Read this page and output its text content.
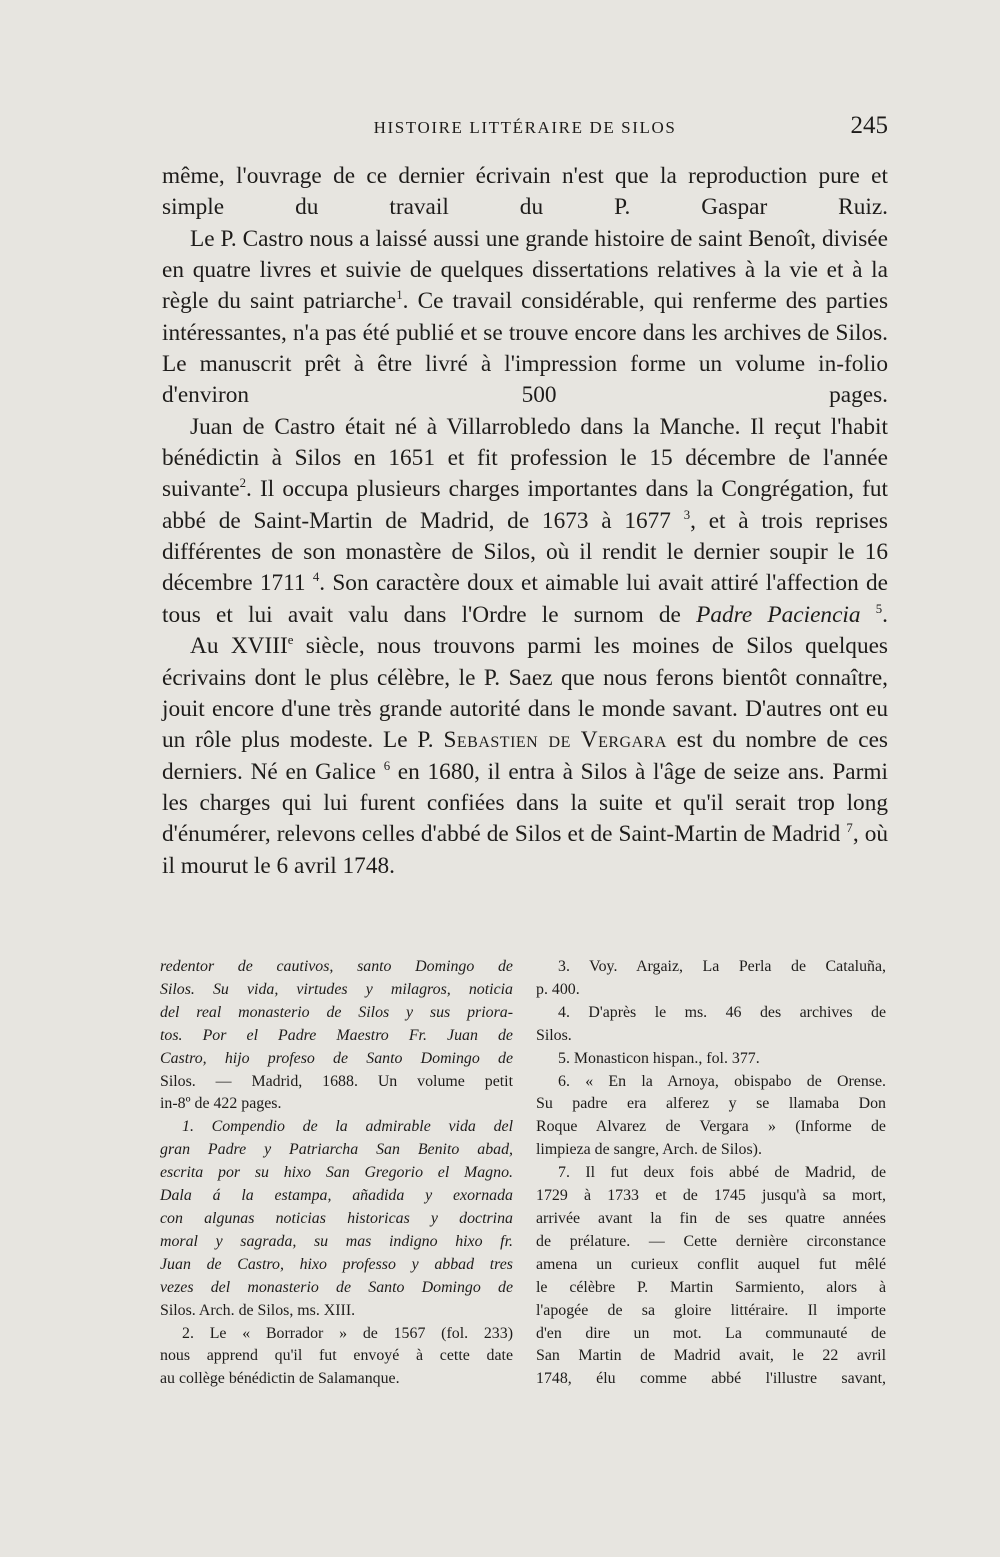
HISTOIRE LITTÉRAIRE DE SILOS	245

même, l'ouvrage de ce dernier écrivain n'est que la reproduction pure et simple du travail du P. Gaspar Ruiz.

Le P. Castro nous a laissé aussi une grande histoire de saint Benoît, divisée en quatre livres et suivie de quelques dissertations relatives à la vie et à la règle du saint patriarche$^1$. Ce travail considérable, qui renferme des parties intéressantes, n'a pas été publié et se trouve encore dans les archives de Silos. Le manuscrit prêt à être livré à l'impression forme un volume in-folio d'environ 500 pages.

Juan de Castro était né à Villarrobledo dans la Manche. Il reçut l'habit bénédictin à Silos en 1651 et fit profession le 15 décembre de l'année suivante$^2$. Il occupa plusieurs charges importantes dans la Congrégation, fut abbé de Saint-Martin de Madrid, de 1673 à 1677 $^3$, et à trois reprises différentes de son monastère de Silos, où il rendit le dernier soupir le 16 décembre 1711 $^4$. Son caractère doux et aimable lui avait attiré l'affection de tous et lui avait valu dans l'Ordre le surnom de Padre Paciencia $^5$.

Au XVIIIe siècle, nous trouvons parmi les moines de Silos quelques écrivains dont le plus célèbre, le P. Saez que nous ferons bientôt connaître, jouit encore d'une très grande autorité dans le monde savant. D'autres ont eu un rôle plus modeste. Le P. Sebastien de Vergara est du nombre de ces derniers. Né en Galice $^6$ en 1680, il entra à Silos à l'âge de seize ans. Parmi les charges qui lui furent confiées dans la suite et qu'il serait trop long d'énumérer, relevons celles d'abbé de Silos et de Saint-Martin de Madrid $^7$, où il mourut le 6 avril 1748.

redentor de cautivos, santo Domingo de
Silos. Su vida, virtudes y milagros, noticia
del real monasterio de Silos y sus priora-
tos. Por el Padre Maestro Fr. Juan de
Castro, hijo profeso de Santo Domingo de
Silos. — Madrid, 1688. Un volume petit
in-8º de 422 pages.
1. Compendio de la admirable vida del
gran Padre y Patriarcha San Benito abad,
escrita por su hixo San Gregorio el Magno.
Dala á la estampa, añadida y exornada
con algunas noticias historicas y doctrina
moral y sagrada, su mas indigno hixo fr.
Juan de Castro, hixo professo y abbad tres
vezes del monasterio de Santo Domingo de
Silos. Arch. de Silos, ms. XIII.
2. Le « Borrador » de 1567 (fol. 233)
nous apprend qu'il fut envoyé à cette date
au collège bénédictin de Salamanque.
3. Voy. Argaiz, La Perla de Cataluña,
p. 400.
4. D'après le ms. 46 des archives de
Silos.
5. Monasticon hispan., fol. 377.
6. « En la Arnoya, obispabo de Orense.
Su padre era alferez y se llamaba Don
Roque Alvarez de Vergara » (Informe de
limpieza de sangre, Arch. de Silos).
7. Il fut deux fois abbé de Madrid, de
1729 à 1733 et de 1745 jusqu'à sa mort,
arrivée avant la fin de ses quatre années
de prélature. — Cette dernière circonstance
amena un curieux conflit auquel fut mêlé
le célèbre P. Martin Sarmiento, alors à
l'apogée de sa gloire littéraire. Il importe
d'en dire un mot. La communauté de
San Martin de Madrid avait, le 22 avril
1748, élu comme abbé l'illustre savant,
